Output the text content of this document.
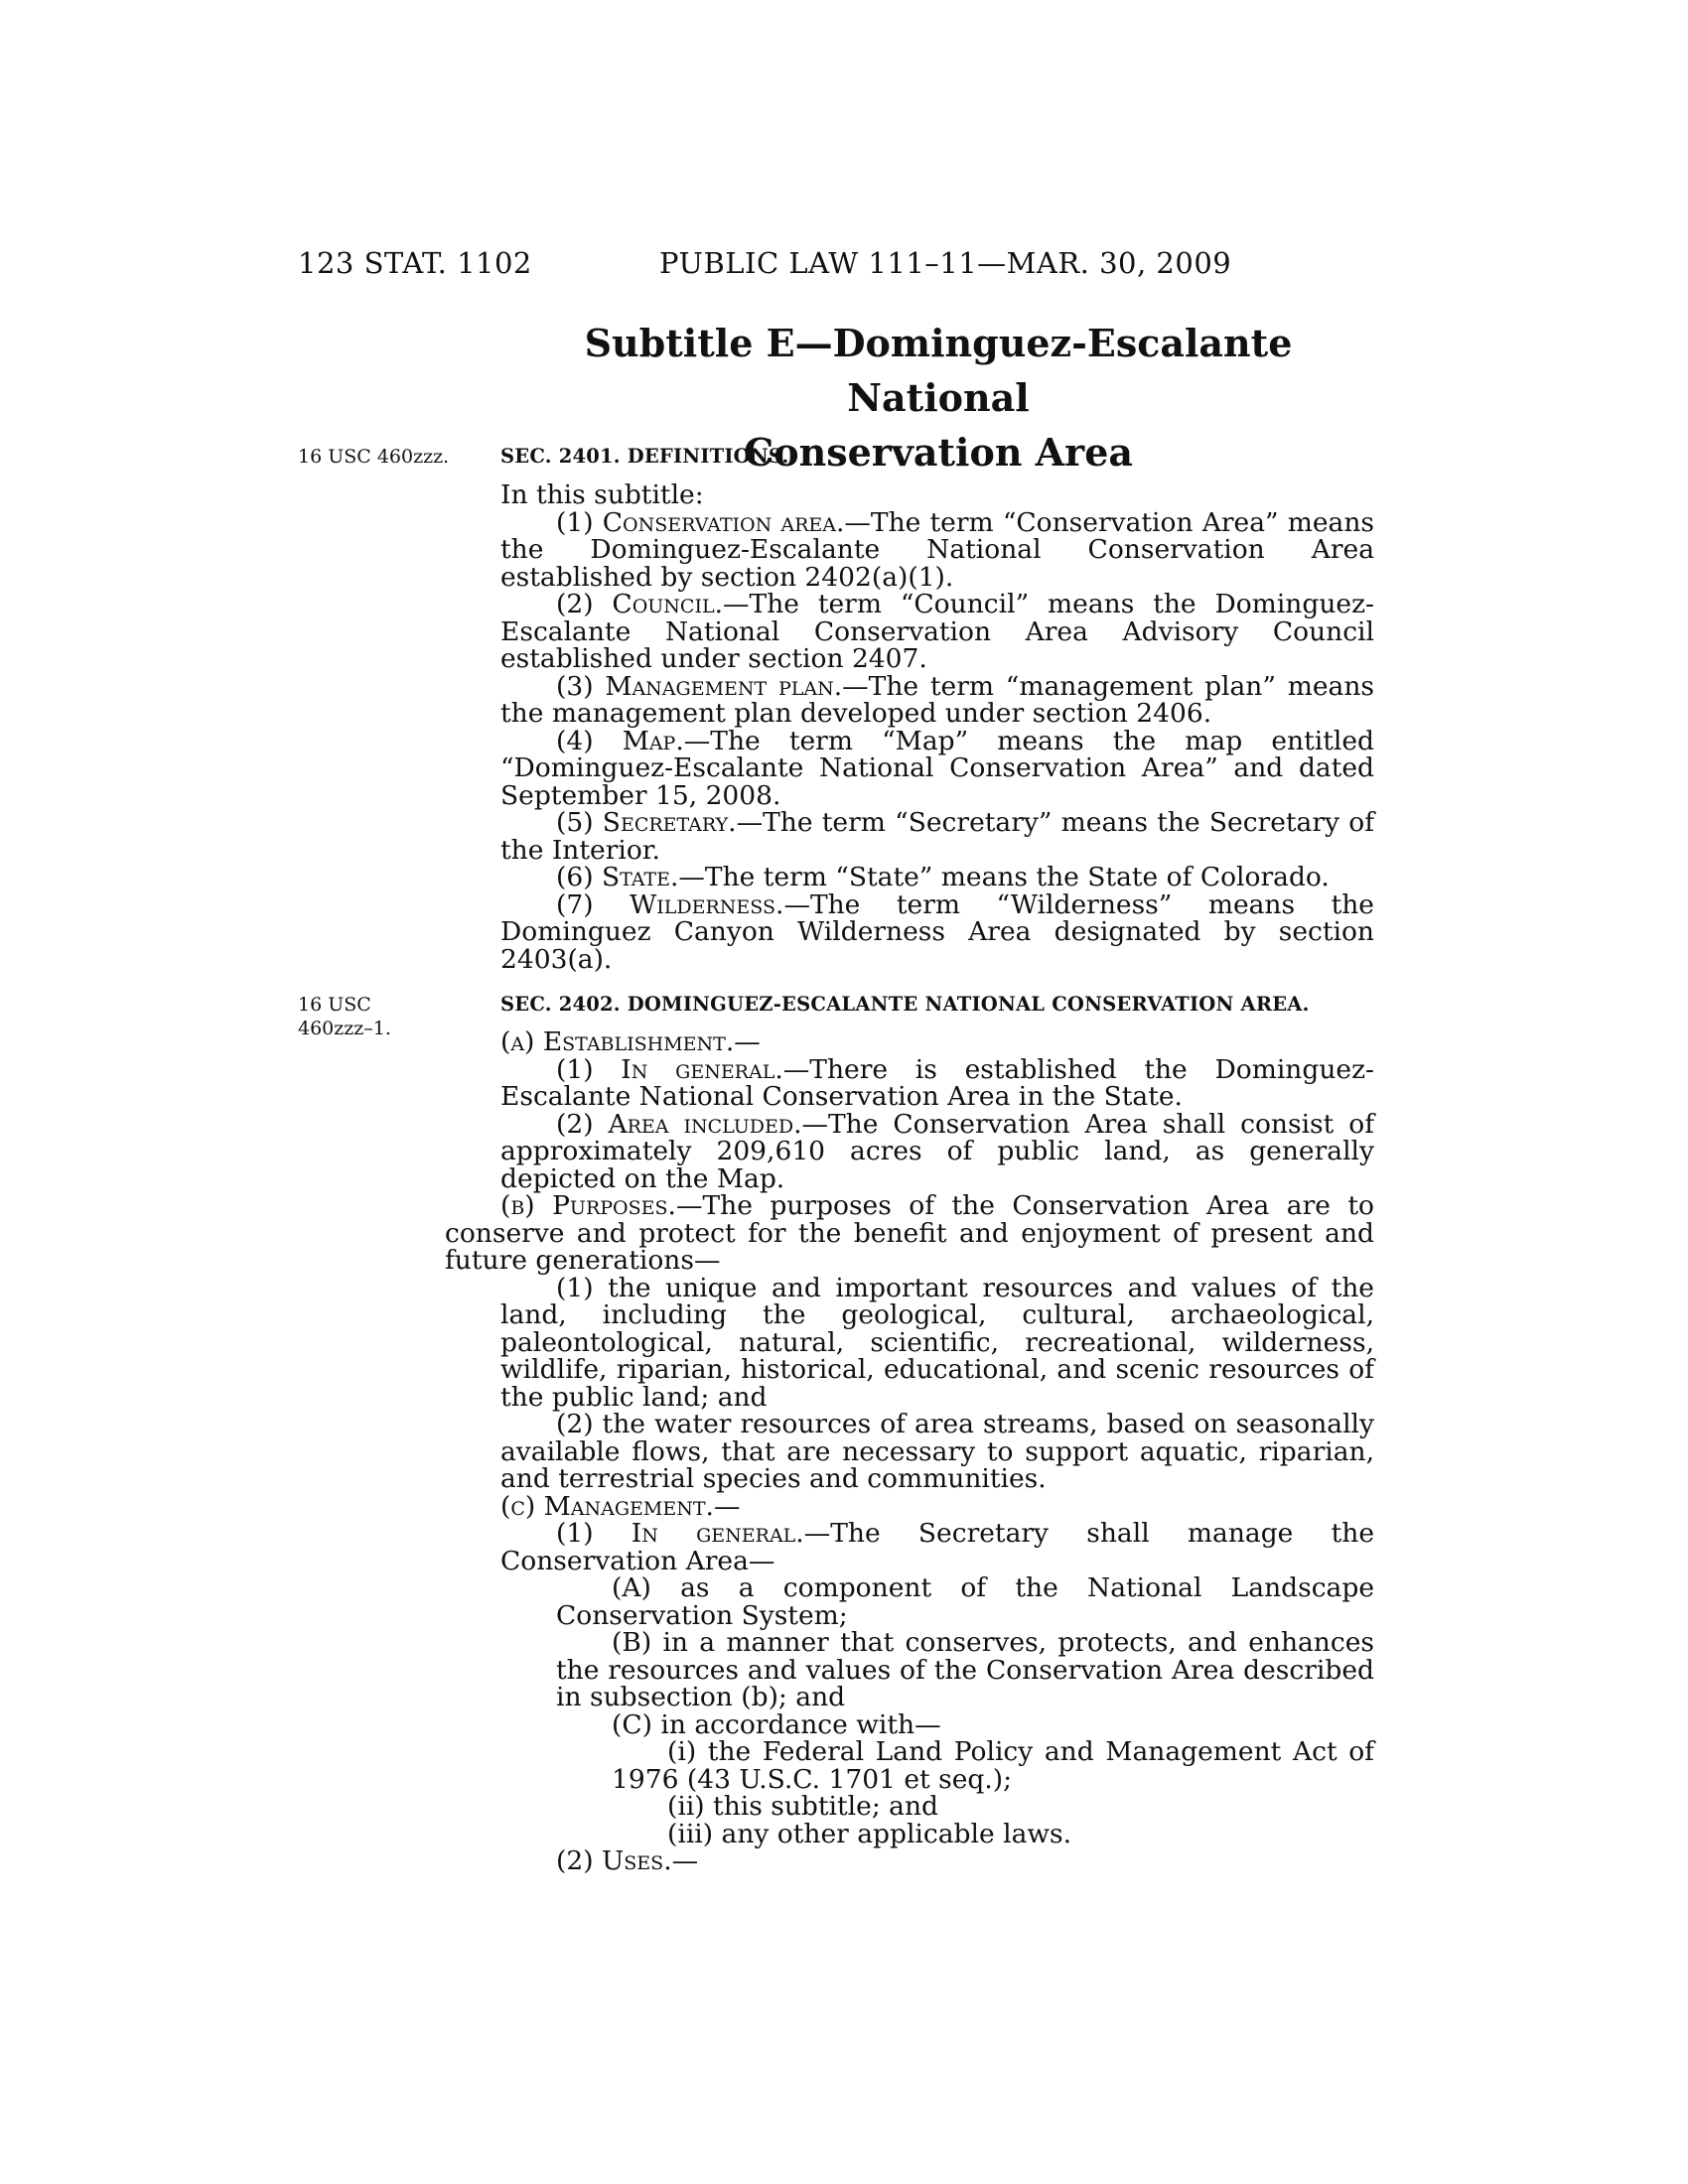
123 STAT. 1102	PUBLIC LAW 111–11—MAR. 30, 2009
Subtitle E—Dominguez-Escalante National
Conservation Area
16 USC 460zzz.
16 USC
460zzz–1.
SEC. 2401. DEFINITIONS.

In this subtitle:

(1) Conservation area.—The term “Conservation Area” means the Dominguez-Escalante National Conservation Area established by section 2402(a)(1).

(2) Council.—The term “Council” means the Dominguez-Escalante National Conservation Area Advisory Council established under section 2407.

(3) Management plan.—The term “management plan” means the management plan developed under section 2406.

(4) Map.—The term “Map” means the map entitled “Dominguez-Escalante National Conservation Area” and dated September 15, 2008.

(5) Secretary.—The term “Secretary” means the Secretary of the Interior.

(6) State.—The term “State” means the State of Colorado.

(7) Wilderness.—The term “Wilderness” means the Dominguez Canyon Wilderness Area designated by section 2403(a).

SEC. 2402. DOMINGUEZ-ESCALANTE NATIONAL CONSERVATION AREA.

(a) Establishment.—

(1) In general.—There is established the Dominguez-Escalante National Conservation Area in the State.

(2) Area included.—The Conservation Area shall consist of approximately 209,610 acres of public land, as generally depicted on the Map.

(b) Purposes.—The purposes of the Conservation Area are to conserve and protect for the benefit and enjoyment of present and future generations—

(1) the unique and important resources and values of the land, including the geological, cultural, archaeological, paleontological, natural, scientific, recreational, wilderness, wildlife, riparian, historical, educational, and scenic resources of the public land; and

(2) the water resources of area streams, based on seasonally available flows, that are necessary to support aquatic, riparian, and terrestrial species and communities.

(c) Management.—

(1) In general.—The Secretary shall manage the Conservation Area—

(A) as a component of the National Landscape Conservation System;

(B) in a manner that conserves, protects, and enhances the resources and values of the Conservation Area described in subsection (b); and

(C) in accordance with—

(i) the Federal Land Policy and Management Act of 1976 (43 U.S.C. 1701 et seq.);

(ii) this subtitle; and

(iii) any other applicable laws.

(2) Uses.—
